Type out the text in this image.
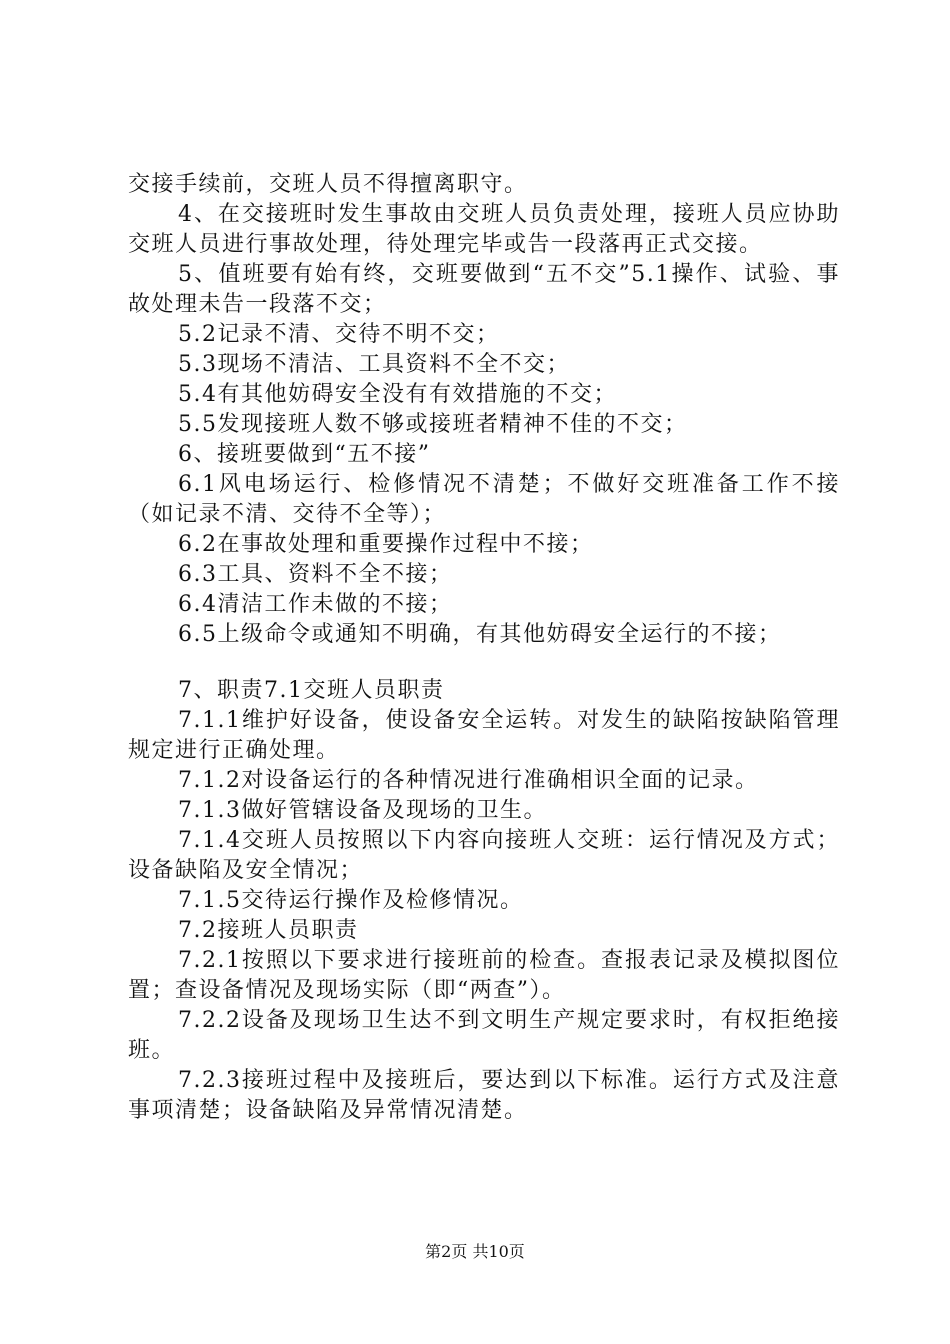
交接手续前，交班人员不得擅离职守。

4、在交接班时发生事故由交班人员负责处理，接班人员应协助交班人员进行事故处理，待处理完毕或告一段落再正式交接。

5、值班要有始有终，交班要做到“五不交”5.1操作、试验、事故处理未告一段落不交；

5.2记录不清、交待不明不交；

5.3现场不清洁、工具资料不全不交；

5.4有其他妨碍安全没有有效措施的不交；

5.5发现接班人数不够或接班者精神不佳的不交；

6、接班要做到“五不接”

6.1风电场运行、检修情况不清楚；不做好交班准备工作不接（如记录不清、交待不全等）；

6.2在事故处理和重要操作过程中不接；

6.3工具、资料不全不接；

6.4清洁工作未做的不接；

6.5上级命令或通知不明确，有其他妨碍安全运行的不接；

7、职责7.1交班人员职责

7.1.1维护好设备，使设备安全运转。对发生的缺陷按缺陷管理规定进行正确处理。

7.1.2对设备运行的各种情况进行准确相识全面的记录。

7.1.3做好管辖设备及现场的卫生。

7.1.4交班人员按照以下内容向接班人交班：运行情况及方式；设备缺陷及安全情况；

7.1.5交待运行操作及检修情况。

7.2接班人员职责

7.2.1按照以下要求进行接班前的检查。查报表记录及模拟图位置；查设备情况及现场实际（即“两查”）。

7.2.2设备及现场卫生达不到文明生产规定要求时，有权拒绝接班。

7.2.3接班过程中及接班后，要达到以下标准。运行方式及注意事项清楚；设备缺陷及异常情况清楚。

第2页 共10页
